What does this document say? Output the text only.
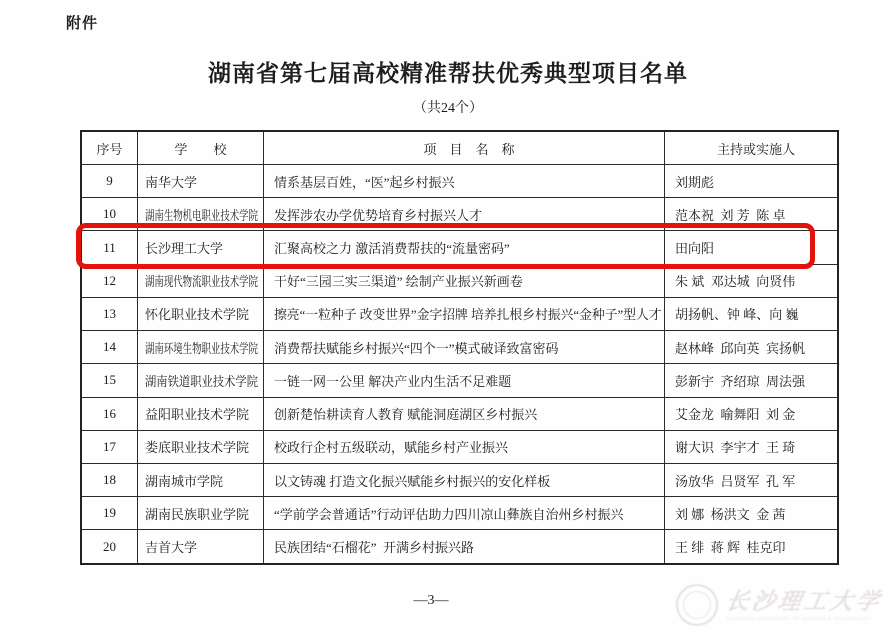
附件
湖南省第七届高校精准帮扶优秀典型项目名单
（共24个）
序号	学　　校	项　目　名　称	主持或实施人
9	南华大学	情系基层百姓，“医”起乡村振兴	刘期彪
10	湖南生物机电职业技术学院	发挥涉农办学优势培育乡村振兴人才	范本祝  刘 芳  陈 卓
11	长沙理工大学	汇聚高校之力 激活消费帮扶的“流量密码”	田向阳
12	湖南现代物流职业技术学院	干好“三园三实三渠道” 绘制产业振兴新画卷	朱 斌  邓达城  向贤伟
13	怀化职业技术学院	擦亮“一粒种子 改变世界”金字招牌 培养扎根乡村振兴“金种子”型人才	胡扬帆、钟 峰、向 巍
14	湖南环境生物职业技术学院	消费帮扶赋能乡村振兴“四个一”模式破译致富密码	赵林峰  邱向英  宾扬帆
15	湖南铁道职业技术学院	一链一网一公里 解决产业内生活不足难题	彭新宇  齐绍琼  周法强
16	益阳职业技术学院	创新楚怡耕读育人教育 赋能洞庭湖区乡村振兴	艾金龙  喻舞阳  刘 金
17	娄底职业技术学院	校政行企村五级联动，赋能乡村产业振兴	谢大识  李宇才  王 琦
18	湖南城市学院	以文铸魂 打造文化振兴赋能乡村振兴的安化样板	汤放华  吕贤军  孔 军
19	湖南民族职业学院	“学前学会普通话”行动评估助力四川凉山彝族自治州乡村振兴	刘 娜  杨洪文  金 茜
20	吉首大学	民族团结“石榴花”  开满乡村振兴路	王 绯  蒋 辉  桂克印
—3—	长沙理工大学
CHANGSHA UNIVERSITY OF SCIENCE & TECHNOLOGY
